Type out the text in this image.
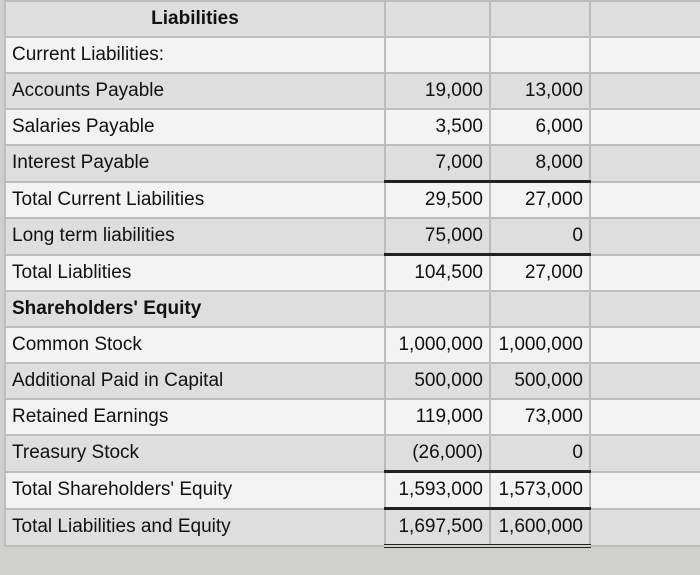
Liabilities			
Current Liabilities:			
Accounts Payable	19,000	13,000	
Salaries Payable	3,500	6,000	
Interest Payable	7,000	8,000	
Total Current Liabilities	29,500	27,000	
Long term liabilities	75,000	0	
Total Liablities	104,500	27,000	
Shareholders' Equity			
Common Stock	1,000,000	1,000,000	
Additional Paid in Capital	500,000	500,000	
Retained Earnings	119,000	73,000	
Treasury Stock	(26,000)	0	
Total Shareholders' Equity	1,593,000	1,573,000	
Total Liabilities and Equity	1,697,500	1,600,000	
